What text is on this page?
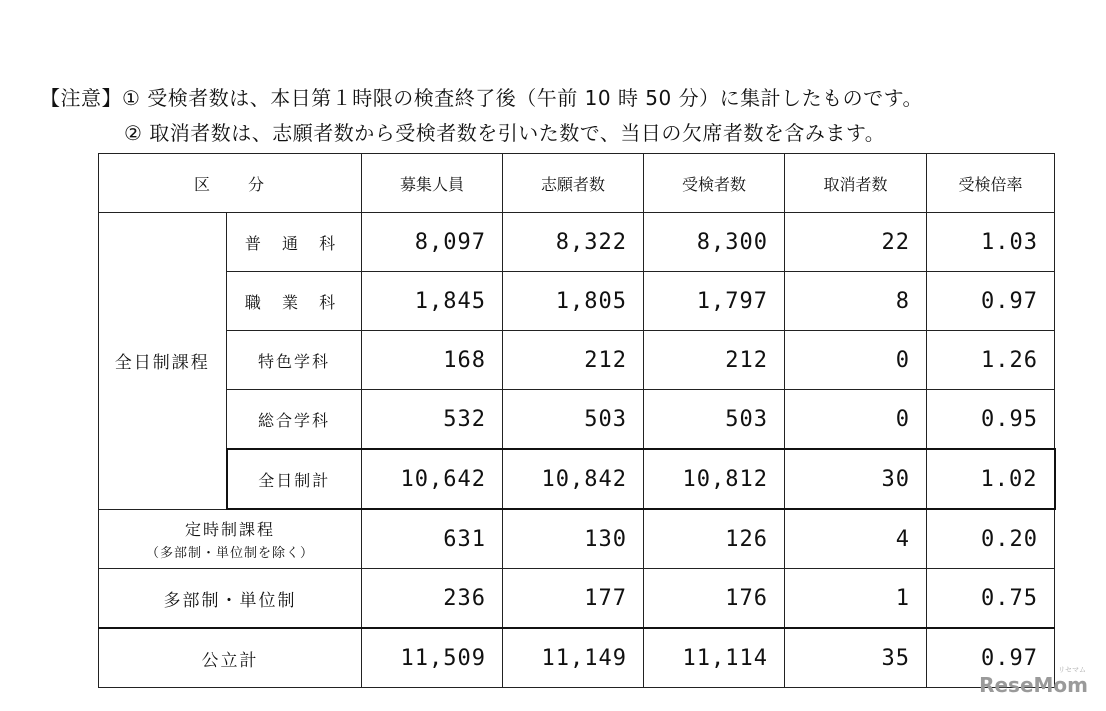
【注意】① 受検者数は、本日第１時限の検査終了後（午前 10 時 50 分）に集計したものです。
② 取消者数は、志願者数から受検者数を引いた数で、当日の欠席者数を含みます。
区　　分		募集人員	志願者数	受検者数	取消者数	受検倍率
全日制課程	普 通 科	8,097	8,322	8,300	22	1.03
	職 業 科	1,845	1,805	1,797	8	0.97
	特色学科	168	212	212	0	1.26
	総合学科	532	503	503	0	0.95
	全日制計	10,642	10,842	10,812	30	1.02

定時制課程
（多部制・単位制を除く）		631	130	126	4	0.20
多部制・単位制		236	177	176	1	0.75
公立計		11,509	11,149	11,114	35	0.97	リセマム
ReseMom
